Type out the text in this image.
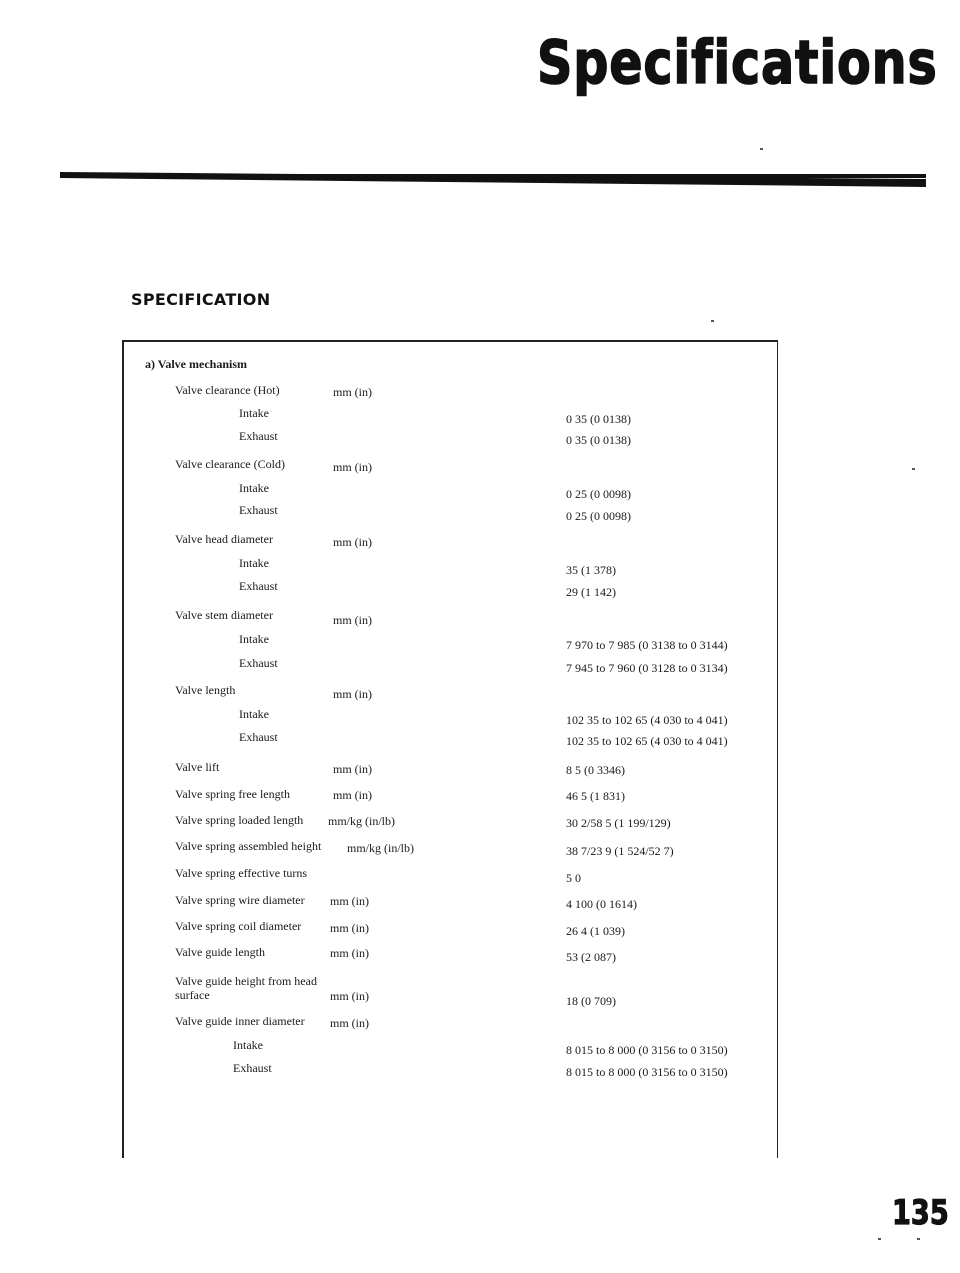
Specifications
SPECIFICATION
a) Valve mechanism
Valve clearance (Hot)	mm (in)
Intake	0 35 (0 0138)
Exhaust	0 35 (0 0138)
Valve clearance (Cold)	mm (in)
Intake	0 25 (0 0098)
Exhaust	0 25 (0 0098)
Valve head diameter	mm (in)
Intake	35 (1 378)
Exhaust	29 (1 142)
Valve stem diameter	mm (in)
Intake	7 970 to 7 985 (0 3138 to 0 3144)
Exhaust	7 945 to 7 960 (0 3128 to 0 3134)
Valve length	mm (in)
Intake	102 35 to 102 65 (4 030 to 4 041)
Exhaust	102 35 to 102 65 (4 030 to 4 041)
Valve lift	mm (in)	8 5 (0 3346)
Valve spring free length	mm (in)	46 5 (1 831)
Valve spring loaded length mm/kg (in/lb)	30 2/58 5 (1 199/129)
Valve spring assembled height mm/kg (in/lb)	38 7/23 9 (1 524/52 7)
Valve spring effective turns	5 0
Valve spring wire diameter mm (in)	4 100 (0 1614)
Valve spring coil diameter mm (in)	26 4 (1 039)
Valve guide length	mm (in)	53 (2 087)
Valve guide height from head
surface	mm (in)	18 (0 709)
Valve guide inner diameter mm (in)
Intake	8 015 to 8 000 (0 3156 to 0 3150)
Exhaust	8 015 to 8 000 (0 3156 to 0 3150)
135
